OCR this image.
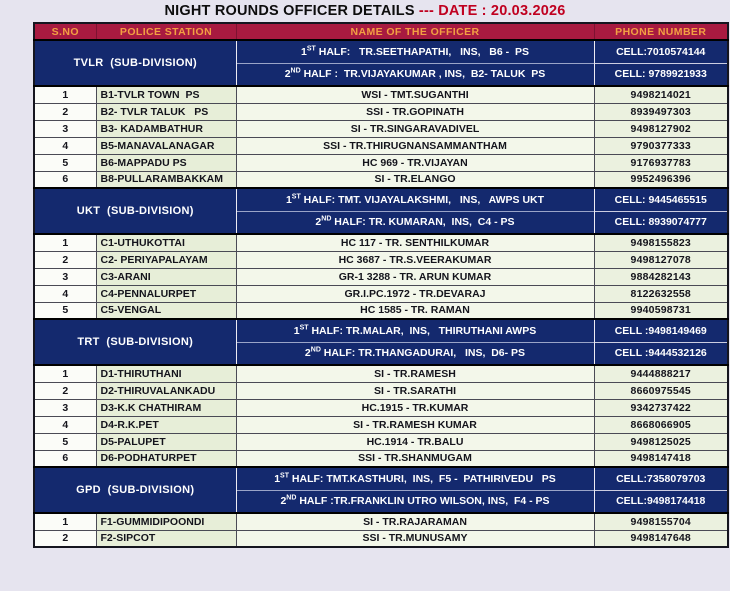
NIGHT ROUNDS OFFICER DETAILS --- DATE : 20.03.2026
S.NO	POLICE STATION	NAME OF THE OFFICER	PHONE NUMBER
TVLR  (SUB-DIVISION)		1ST HALF:   TR.SEETHAPATHI,   INS,   B6 -  PS	CELL:7010574144
		2ND HALF :  TR.VIJAYAKUMAR , INS,  B2- TALUK  PS	CELL: 9789921933
1	B1-TVLR TOWN  PS	WSI - TMT.SUGANTHI	9498214021
2	B2- TVLR TALUK   PS	SSI - TR.GOPINATH	8939497303
3	B3- KADAMBATHUR	SI - TR.SINGARAVADIVEL	9498127902
4	B5-MANAVALANAGAR	SSI - TR.THIRUGNANSAMMANTHAM	9790377333
5	B6-MAPPADU PS	HC 969 - TR.VIJAYAN	9176937783
6	B8-PULLARAMBAKKAM	SI - TR.ELANGO	9952496396
UKT  (SUB-DIVISION)		1ST HALF: TMT. VIJAYALAKSHMI,   INS,   AWPS UKT	CELL: 9445465515
		2ND HALF: TR. KUMARAN,  INS,  C4 - PS	CELL: 8939074777
1	C1-UTHUKOTTAI	HC 117 - TR. SENTHILKUMAR	9498155823
2	C2- PERIYAPALAYAM	HC 3687 - TR.S.VEERAKUMAR	9498127078
3	C3-ARANI	GR-1 3288 - TR. ARUN KUMAR	9884282143
4	C4-PENNALURPET	GR.I.PC.1972 - TR.DEVARAJ	8122632558
5	C5-VENGAL	HC 1585 - TR. RAMAN	9940598731
TRT  (SUB-DIVISION)		1ST HALF: TR.MALAR,  INS,   THIRUTHANI AWPS	CELL :9498149469
		2ND HALF: TR.THANGADURAI,   INS,  D6- PS	CELL :9444532126
1	D1-THIRUTHANI	SI - TR.RAMESH	9444888217
2	D2-THIRUVALANKADU	SI - TR.SARATHI	8660975545
3	D3-K.K CHATHIRAM	HC.1915 - TR.KUMAR	9342737422
4	D4-R.K.PET	SI - TR.RAMESH KUMAR	8668066905
5	D5-PALUPET	HC.1914 - TR.BALU	9498125025
6	D6-PODHATURPET	SSI - TR.SHANMUGAM	9498147418
GPD  (SUB-DIVISION)		1ST HALF: TMT.KASTHURI,  INS,  F5 -  PATHIRIVEDU   PS	CELL:7358079703
		2ND HALF :TR.FRANKLIN UTRO WILSON, INS,  F4 - PS	CELL:9498174418
1	F1-GUMMIDIPOONDI	SI - TR.RAJARAMAN	9498155704
2	F2-SIPCOT	SSI - TR.MUNUSAMY	9498147648
